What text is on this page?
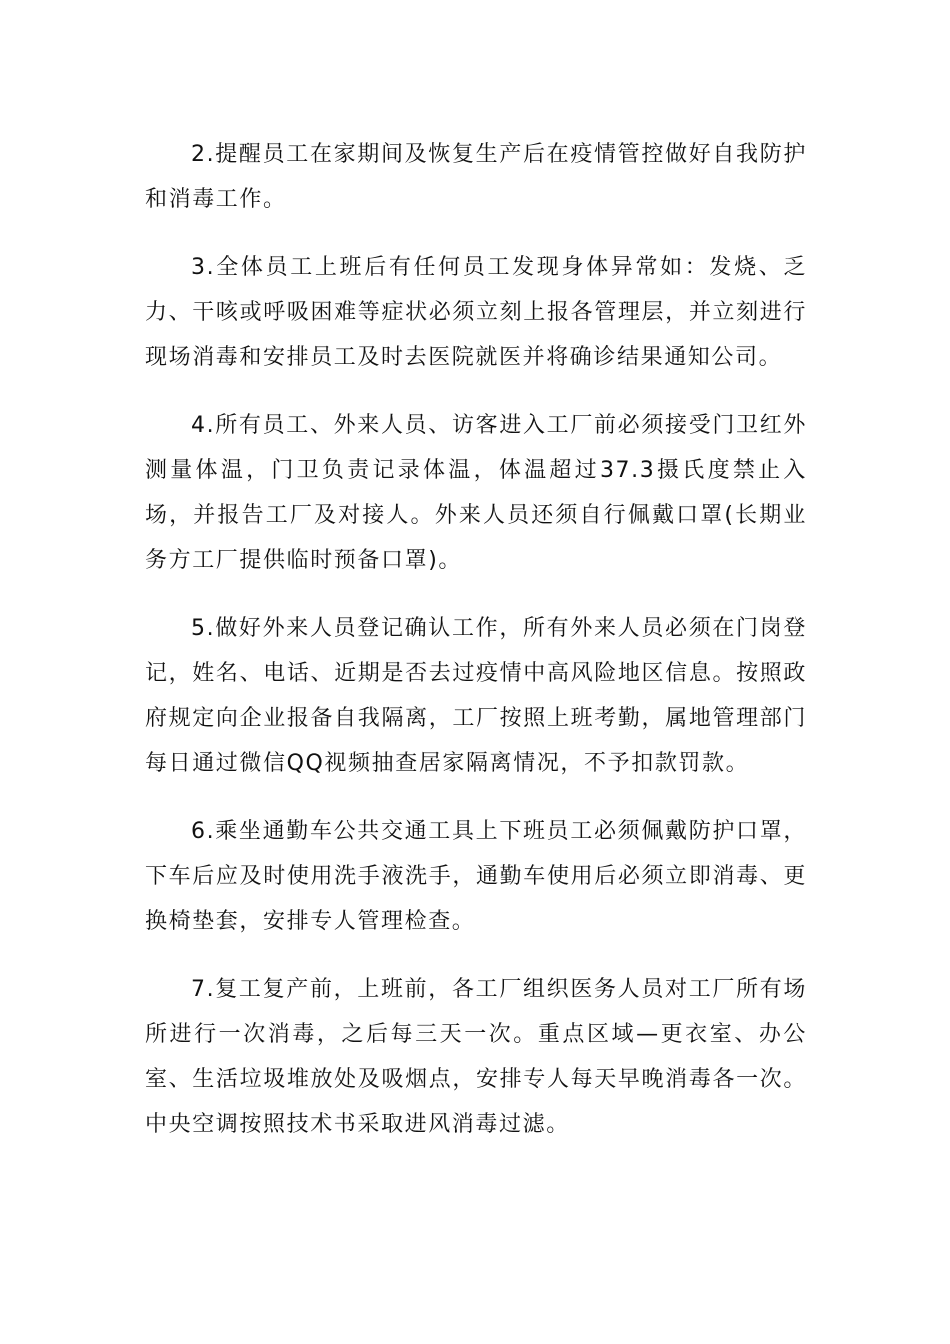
2.提醒员工在家期间及恢复生产后在疫情管控做好自我防护和消毒工作。

3.全体员工上班后有任何员工发现身体异常如：发烧、乏力、干咳或呼吸困难等症状必须立刻上报各管理层，并立刻进行现场消毒和安排员工及时去医院就医并将确诊结果通知公司。

4.所有员工、外来人员、访客进入工厂前必须接受门卫红外测量体温，门卫负责记录体温，体温超过37.3摄氏度禁止入场，并报告工厂及对接人。外来人员还须自行佩戴口罩(长期业务方工厂提供临时预备口罩)。

5.做好外来人员登记确认工作，所有外来人员必须在门岗登记，姓名、电话、近期是否去过疫情中高风险地区信息。按照政府规定向企业报备自我隔离，工厂按照上班考勤，属地管理部门每日通过微信QQ视频抽查居家隔离情况，不予扣款罚款。

6.乘坐通勤车公共交通工具上下班员工必须佩戴防护口罩，下车后应及时使用洗手液洗手，通勤车使用后必须立即消毒、更换椅垫套，安排专人管理检查。

7.复工复产前，上班前，各工厂组织医务人员对工厂所有场所进行一次消毒，之后每三天一次。重点区域—更衣室、办公室、生活垃圾堆放处及吸烟点，安排专人每天早晚消毒各一次。中央空调按照技术书采取进风消毒过滤。
